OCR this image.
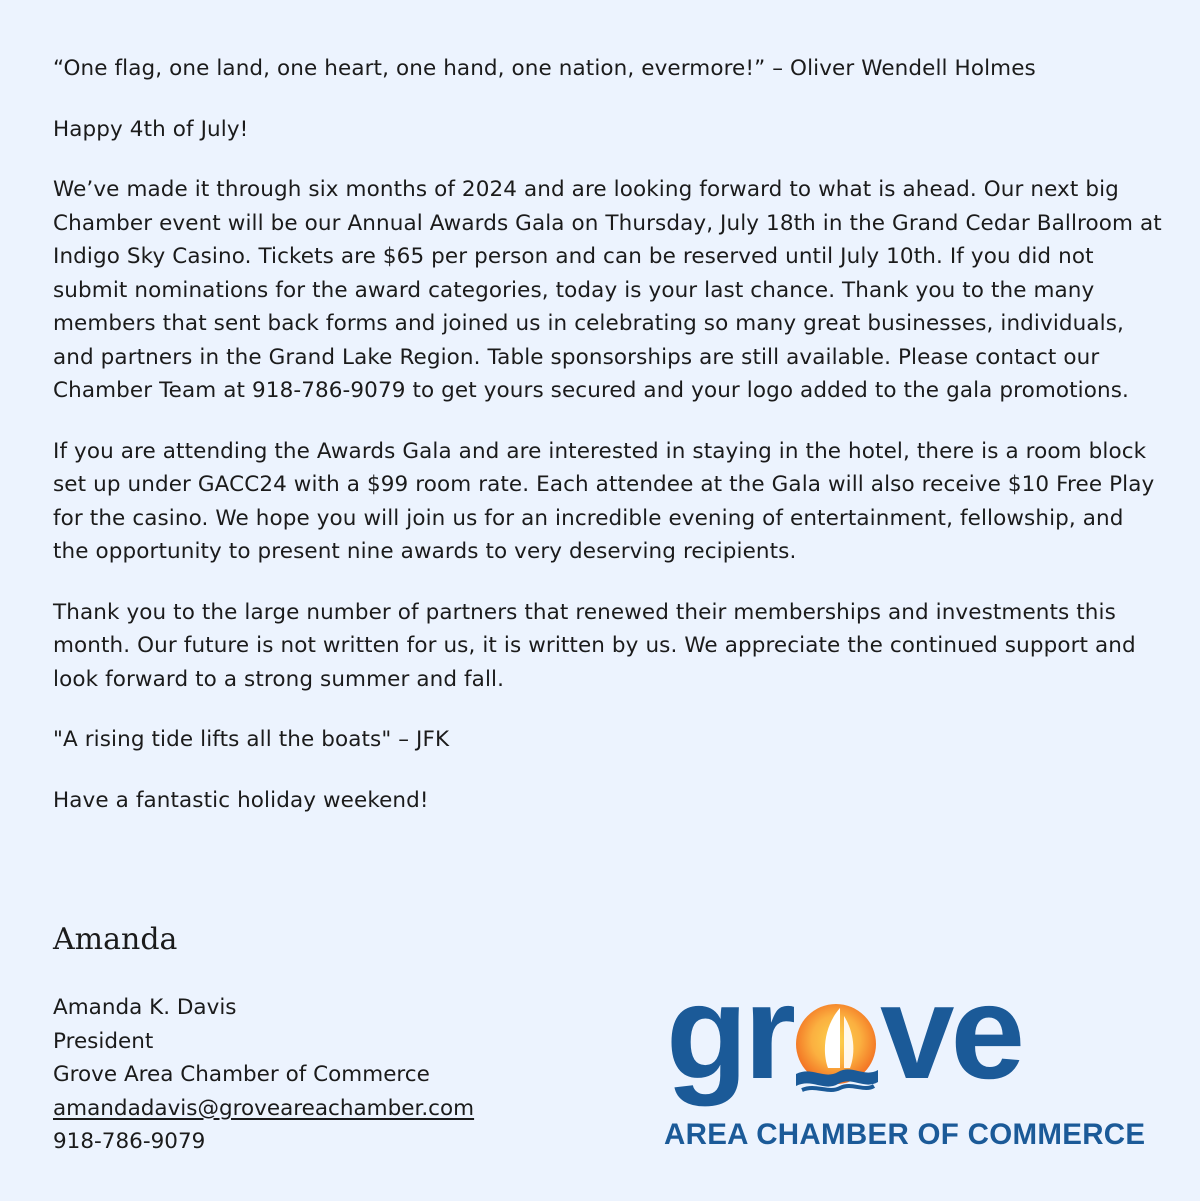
“One flag, one land, one heart, one hand, one nation, evermore!” – Oliver Wendell Holmes

Happy 4th of July!

We’ve made it through six months of 2024 and are looking forward to what is ahead. Our next big Chamber event will be our Annual Awards Gala on Thursday, July 18th in the Grand Cedar Ballroom at Indigo Sky Casino. Tickets are $65 per person and can be reserved until July 10th. If you did not submit nominations for the award categories, today is your last chance. Thank you to the many members that sent back forms and joined us in celebrating so many great businesses, individuals, and partners in the Grand Lake Region. Table sponsorships are still available. Please contact our Chamber Team at 918-786-9079 to get yours secured and your logo added to the gala promotions.

If you are attending the Awards Gala and are interested in staying in the hotel, there is a room block set up under GACC24 with a $99 room rate. Each attendee at the Gala will also receive $10 Free Play for the casino. We hope you will join us for an incredible evening of entertainment, fellowship, and the opportunity to present nine awards to very deserving recipients.

Thank you to the large number of partners that renewed their memberships and investments this month. Our future is not written for us, it is written by us. We appreciate the continued support and look forward to a strong summer and fall.

"A rising tide lifts all the boats" – JFK

Have a fantastic holiday weekend!

Amanda
Amanda K. Davis
President
Grove Area Chamber of Commerce
amandadavis@groveareachamber.com
918-786-9079
gr ve
AREA CHAMBER OF COMMERCE
